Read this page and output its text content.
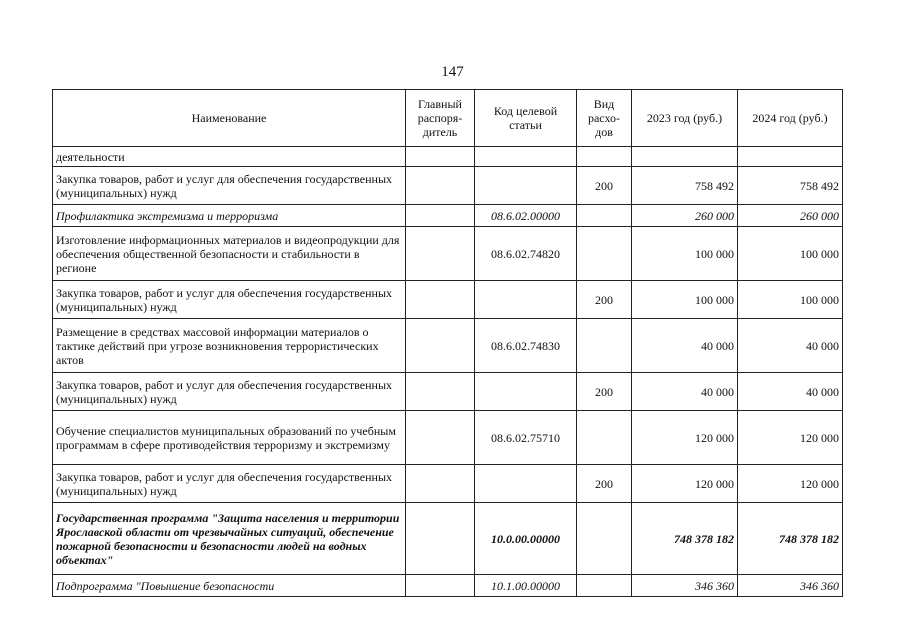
147
Наименование	Главный распоря-дитель	Код целевой статьи	Вид расхо-дов	2023 год (руб.)	2024 год (руб.)
деятельности					
Закупка товаров, работ и услуг для обеспечения государственных (муниципальных) нужд			200	758 492	758 492
Профилактика экстремизма и терроризма		08.6.02.00000		260 000	260 000
Изготовление информационных материалов и видеопродукции для обеспечения общественной безопасности и стабильности в регионе		08.6.02.74820		100 000	100 000
Закупка товаров, работ и услуг для обеспечения государственных (муниципальных) нужд			200	100 000	100 000
Размещение в средствах массовой информации материалов о тактике действий при угрозе возникновения террористических актов		08.6.02.74830		40 000	40 000
Закупка товаров, работ и услуг для обеспечения государственных (муниципальных) нужд			200	40 000	40 000
Обучение специалистов муниципальных образований по учебным программам в сфере противодействия терроризму и экстремизму		08.6.02.75710		120 000	120 000
Закупка товаров, работ и услуг для обеспечения государственных (муниципальных) нужд			200	120 000	120 000
Государственная программа "Защита населения и территории Ярославской области от чрезвычайных ситуаций, обеспечение пожарной безопасности и безопасности людей на водных объектах"		10.0.00.00000		748 378 182	748 378 182
Подпрограмма "Повышение безопасности		10.1.00.00000		346 360	346 360
